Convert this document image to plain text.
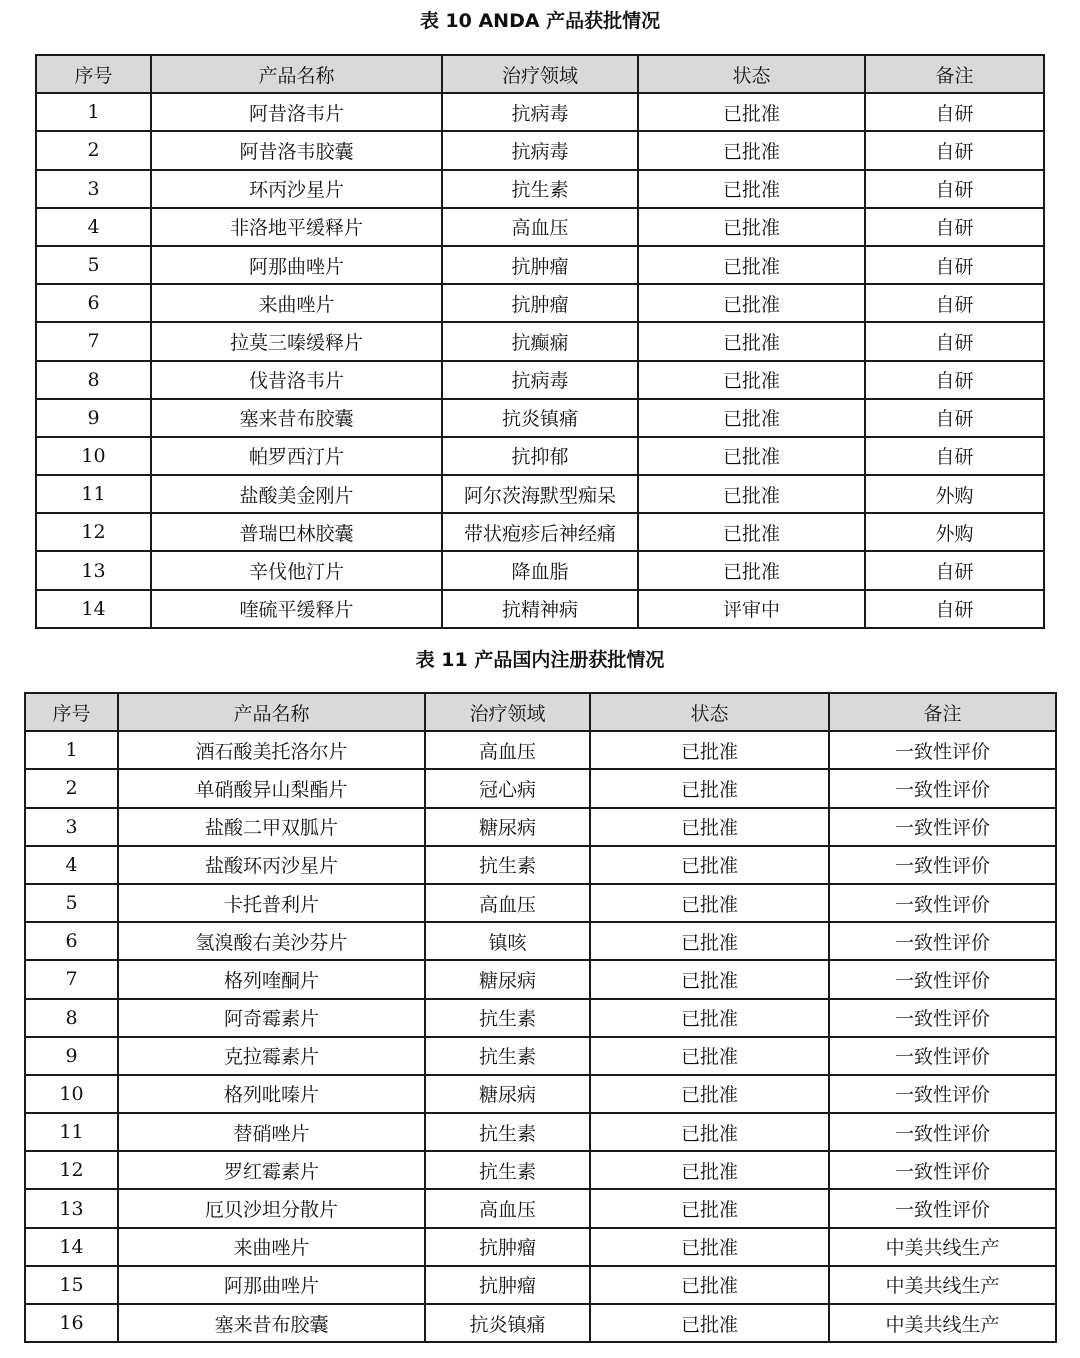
表 10 ANDA 产品获批情况
序号	产品名称	治疗领域	状态	备注
1	阿昔洛韦片	抗病毒	已批准	自研
2	阿昔洛韦胶囊	抗病毒	已批准	自研
3	环丙沙星片	抗生素	已批准	自研
4	非洛地平缓释片	高血压	已批准	自研
5	阿那曲唑片	抗肿瘤	已批准	自研
6	来曲唑片	抗肿瘤	已批准	自研
7	拉莫三嗪缓释片	抗癫痫	已批准	自研
8	伐昔洛韦片	抗病毒	已批准	自研
9	塞来昔布胶囊	抗炎镇痛	已批准	自研
10	帕罗西汀片	抗抑郁	已批准	自研
11	盐酸美金刚片	阿尔茨海默型痴呆	已批准	外购
12	普瑞巴林胶囊	带状疱疹后神经痛	已批准	外购
13	辛伐他汀片	降血脂	已批准	自研
14	喹硫平缓释片	抗精神病	评审中	自研
表 11 产品国内注册获批情况
序号	产品名称	治疗领域	状态	备注
1	酒石酸美托洛尔片	高血压	已批准	一致性评价
2	单硝酸异山梨酯片	冠心病	已批准	一致性评价
3	盐酸二甲双胍片	糖尿病	已批准	一致性评价
4	盐酸环丙沙星片	抗生素	已批准	一致性评价
5	卡托普利片	高血压	已批准	一致性评价
6	氢溴酸右美沙芬片	镇咳	已批准	一致性评价
7	格列喹酮片	糖尿病	已批准	一致性评价
8	阿奇霉素片	抗生素	已批准	一致性评价
9	克拉霉素片	抗生素	已批准	一致性评价
10	格列吡嗪片	糖尿病	已批准	一致性评价
11	替硝唑片	抗生素	已批准	一致性评价
12	罗红霉素片	抗生素	已批准	一致性评价
13	厄贝沙坦分散片	高血压	已批准	一致性评价
14	来曲唑片	抗肿瘤	已批准	中美共线生产
15	阿那曲唑片	抗肿瘤	已批准	中美共线生产
16	塞来昔布胶囊	抗炎镇痛	已批准	中美共线生产
